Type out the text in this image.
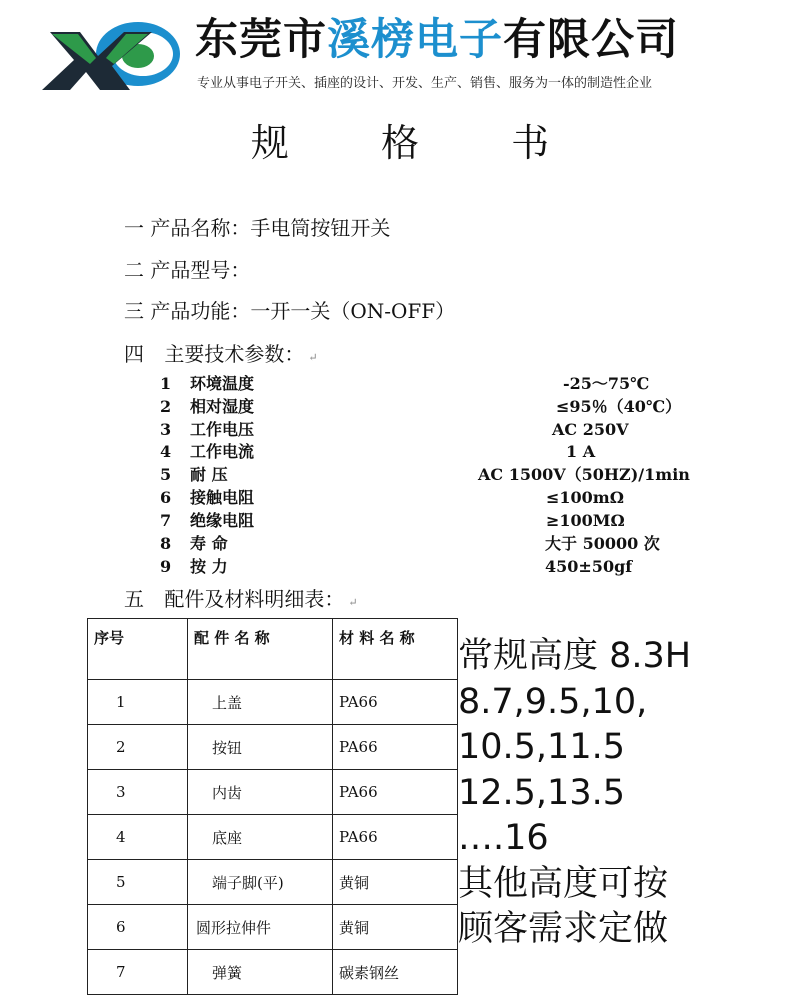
东莞市溪榜电子有限公司
专业从事电子开关、插座的设计、开发、生产、销售、服务为一体的制造性企业
规 格 书
一 产品名称：手电筒按钮开关
二 产品型号：
三 产品功能：一开一关（ON-OFF）
四 主要技术参数： ↵
1	环境温度	-25～75℃
2	相对湿度	≤95％（40℃）
3	工作电压	AC 250V
4	工作电流	1 A
5	耐 压	AC 1500V（50HZ)/1min
6	接触电阻	≤100mΩ
7	绝缘电阻	≥100MΩ
8	寿 命	大于 50000 次
9	按 力	450±50gf
五 配件及材料明细表： ↵
序号	配 件 名 称	材 料 名 称
1	上盖	PA66
2	按钮	PA66
3	内齿	PA66
4	底座	PA66
5	端子脚(平)	黄铜
6	圆形拉伸件	黄铜
7	弹簧	碳素钢丝
常规高度 8.3H
8.7,9.5,10,
10.5,11.5
12.5,13.5
….16
其他高度可按
顾客需求定做
